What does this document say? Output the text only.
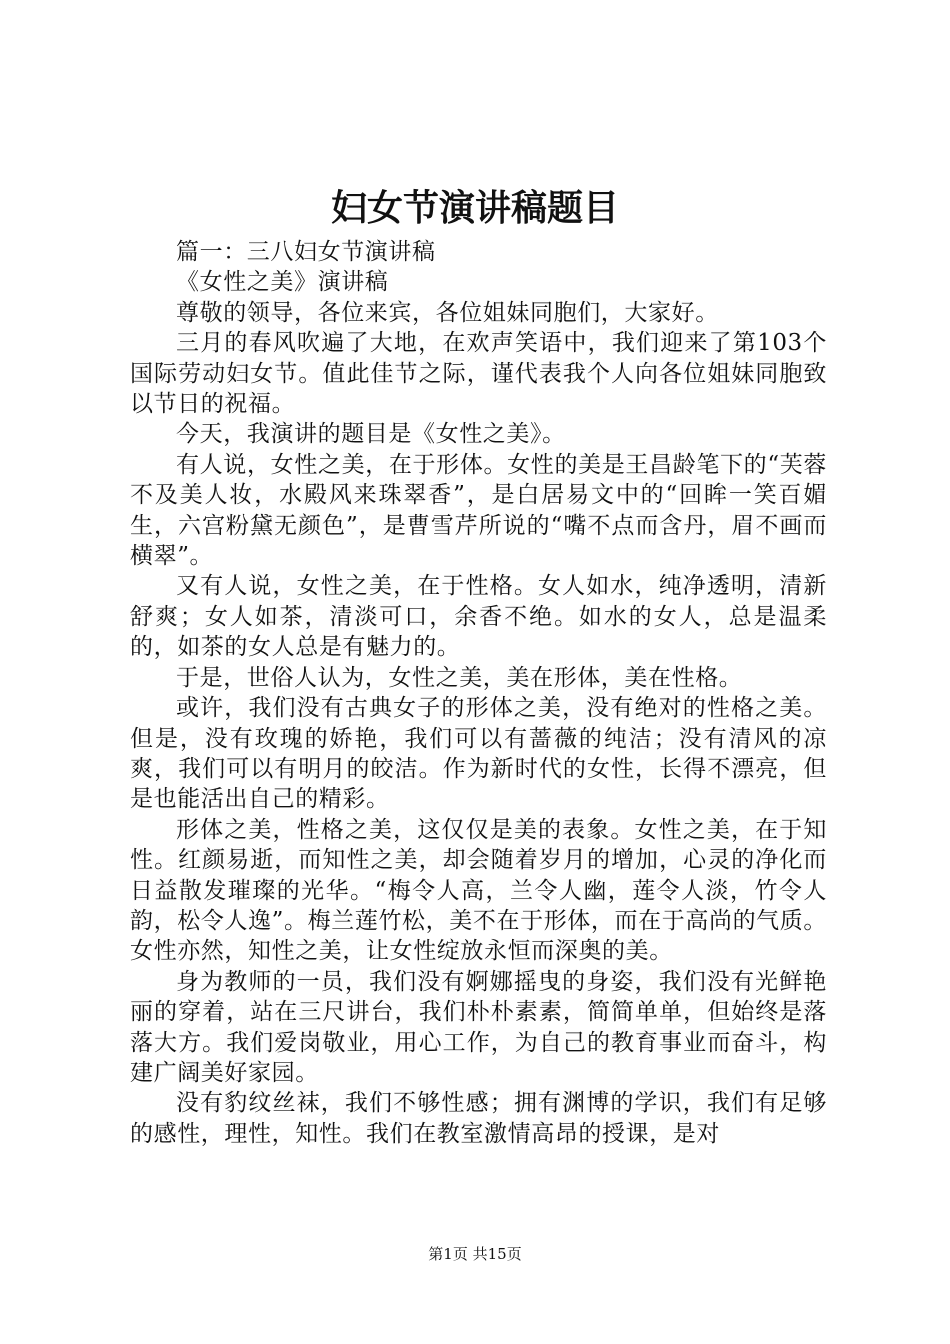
妇女节演讲稿题目

篇一：三八妇女节演讲稿

《女性之美》演讲稿

尊敬的领导，各位来宾，各位姐妹同胞们，大家好。

三月的春风吹遍了大地，在欢声笑语中，我们迎来了第103个国际劳动妇女节。值此佳节之际，谨代表我个人向各位姐妹同胞致以节日的祝福。

今天，我演讲的题目是《女性之美》。

有人说，女性之美，在于形体。女性的美是王昌龄笔下的“芙蓉不及美人妆，水殿风来珠翠香”，是白居易文中的“回眸一笑百媚生，六宫粉黛无颜色”，是曹雪芹所说的“嘴不点而含丹，眉不画而横翠”。

又有人说，女性之美，在于性格。女人如水，纯净透明，清新舒爽；女人如茶，清淡可口，余香不绝。如水的女人，总是温柔的，如茶的女人总是有魅力的。

于是，世俗人认为，女性之美，美在形体，美在性格。

或许，我们没有古典女子的形体之美，没有绝对的性格之美。但是，没有玫瑰的娇艳，我们可以有蔷薇的纯洁；没有清风的凉爽，我们可以有明月的皎洁。作为新时代的女性，长得不漂亮，但是也能活出自己的精彩。

形体之美，性格之美，这仅仅是美的表象。女性之美，在于知性。红颜易逝，而知性之美，却会随着岁月的增加，心灵的净化而日益散发璀璨的光华。“梅令人高，兰令人幽，莲令人淡，竹令人韵，松令人逸”。梅兰莲竹松，美不在于形体，而在于高尚的气质。女性亦然，知性之美，让女性绽放永恒而深奥的美。

身为教师的一员，我们没有婀娜摇曳的身姿，我们没有光鲜艳丽的穿着，站在三尺讲台，我们朴朴素素，简简单单，但始终是落落大方。我们爱岗敬业，用心工作，为自己的教育事业而奋斗，构建广阔美好家园。

没有豹纹丝袜，我们不够性感；拥有渊博的学识，我们有足够的感性，理性，知性。我们在教室激情高昂的授课，是对

第1页 共15页
